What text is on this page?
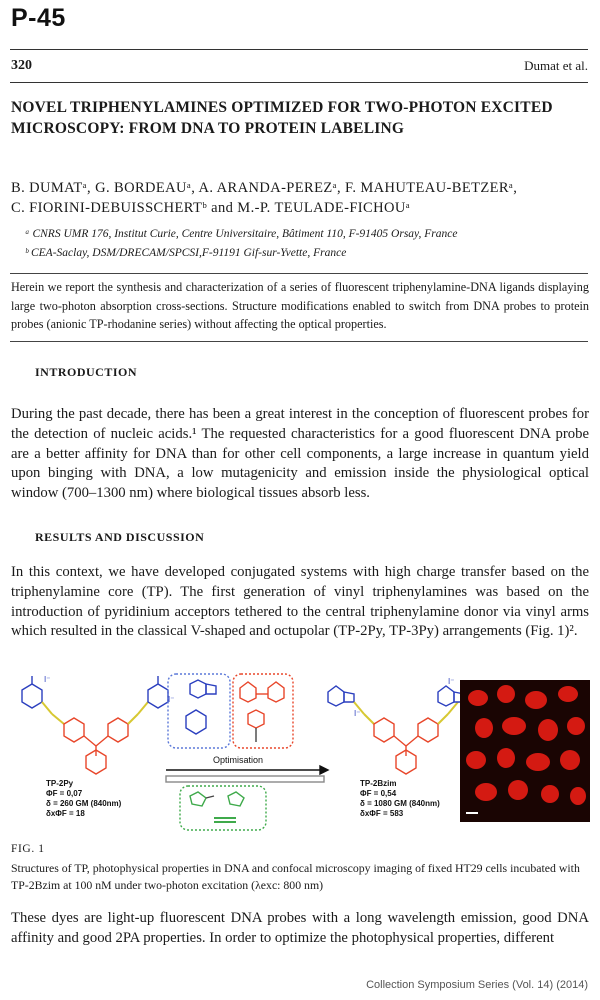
P-45
320	Dumat et al.
NOVEL TRIPHENYLAMINES OPTIMIZED FOR TWO-PHOTON EXCITED MICROSCOPY: FROM DNA TO PROTEIN LABELING
B. DUMATᵃ, G. BORDEAUᵃ, A. ARANDA-PEREZᵃ, F. MAHUTEAU-BETZERᵃ,
C. FIORINI-DEBUISSCHERTᵇ and M.-P. TEULADE-FICHOUᵃ
ᵃ CNRS UMR 176, Institut Curie, Centre Universitaire, Bâtiment 110, F-91405 Orsay, France
ᵇ CEA-Saclay, DSM/DRECAM/SPCSI,F-91191 Gif-sur-Yvette, France
Herein we report the synthesis and characterization of a series of fluorescent triphenylamine-DNA ligands displaying large two-photon absorption cross-sections. Structure modifications enabled to switch from DNA probes to protein probes (anionic TP-rhodanine series) without affecting the optical properties.
INTRODUCTION
During the past decade, there has been a great interest in the conception of fluorescent probes for the detection of nucleic acids.¹ The requested characteristics for a good fluorescent DNA probe are a better affinity for DNA than for other cell components, a large increase in quantum yield upon binging with DNA, a low mutagenicity and emission inside the physiological optical window (700–1300 nm) where biological tissues absorb less.
RESULTS AND DISCUSSION
In this context, we have developed conjugated systems with high charge transfer based on the triphenylamine core (TP). The first generation of vinyl triphenylamines was based on the introduction of pyridinium acceptors tethered to the central triphenylamine donor via vinyl arms which resulted in the classical V-shaped and octupolar (TP-2Py, TP-3Py) arrangements (Fig. 1)².
Optimisation
I⁻
I⁻
I⁻
I⁻
TP-2Py
ΦF = 0,07
δ = 260 GM (840nm)
δxΦF = 18
TP-2Bzim
ΦF = 0,54
δ = 1080 GM (840nm)
δxΦF = 583
FIG. 1
Structures of TP, photophysical properties in DNA and confocal microscopy imaging of fixed HT29 cells incubated with TP-2Bzim at 100 nM under two-photon excitation (λexc: 800 nm)
These dyes are light-up fluorescent DNA probes with a long wavelength emission, good DNA affinity and good 2PA properties. In order to optimize the photophysical properties, different
Collection Symposium Series (Vol. 14) (2014)
